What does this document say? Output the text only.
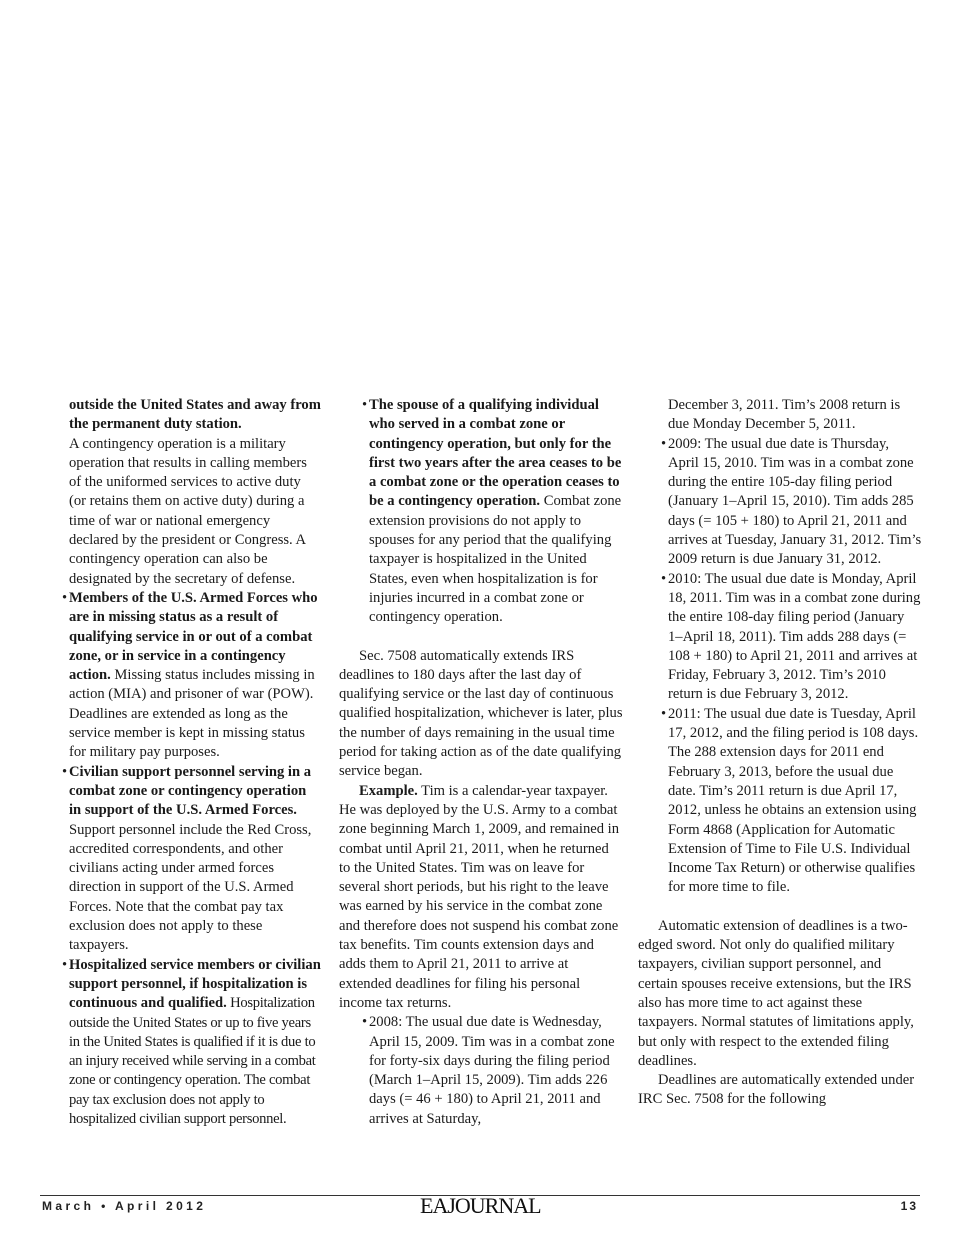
outside the United States and away from the permanent duty station.
A contingency operation is a military operation that results in calling members of the uniformed services to active duty (or retains them on active duty) during a time of war or national emergency declared by the president or Congress. A contingency operation can also be designated by the secretary of defense.

• Members of the U.S. Armed Forces who are in missing status as a result of qualifying service in or out of a combat zone, or in service in a contingency action. Missing status includes missing in action (MIA) and prisoner of war (POW). Deadlines are extended as long as the service member is kept in missing status for military pay purposes.

• Civilian support personnel serving in a combat zone or contingency operation in support of the U.S. Armed Forces. Support personnel include the Red Cross, accredited correspondents, and other civilians acting under armed forces direction in support of the U.S. Armed Forces. Note that the combat pay tax exclusion does not apply to these taxpayers.

• Hospitalized service members or civilian support personnel, if hospitalization is continuous and qualified. Hospitalization outside the United States or up to five years in the United States is qualified if it is due to an injury received while serving in a combat zone or contingency operation. The combat pay tax exclusion does not apply to hospitalized civilian support personnel.

• The spouse of a qualifying individual who served in a combat zone or contingency operation, but only for the first two years after the area ceases to be a combat zone or the operation ceases to be a contingency operation. Combat zone extension provisions do not apply to spouses for any period that the qualifying taxpayer is hospitalized in the United States, even when hospitalization is for injuries incurred in a combat zone or contingency operation.

Sec. 7508 automatically extends IRS deadlines to 180 days after the last day of qualifying service or the last day of continuous qualified hospitalization, whichever is later, plus the number of days remaining in the usual time period for taking action as of the date qualifying service began.

Example. Tim is a calendar-year taxpayer. He was deployed by the U.S. Army to a combat zone beginning March 1, 2009, and remained in combat until April 21, 2011, when he returned to the United States. Tim was on leave for several short periods, but his right to the leave was earned by his service in the combat zone and therefore does not suspend his combat zone tax benefits. Tim counts extension days and adds them to April 21, 2011 to arrive at extended deadlines for filing his personal income tax returns.

• 2008: The usual due date is Wednesday, April 15, 2009. Tim was in a combat zone for forty-six days during the filing period (March 1–April 15, 2009). Tim adds 226 days (= 46 + 180) to April 21, 2011 and arrives at Saturday,

December 3, 2011. Tim’s 2008 return is due Monday December 5, 2011.

• 2009: The usual due date is Thursday, April 15, 2010. Tim was in a combat zone during the entire 105-day filing period (January 1–April 15, 2010). Tim adds 285 days (= 105 + 180) to April 21, 2011 and arrives at Tuesday, January 31, 2012. Tim’s 2009 return is due January 31, 2012.

• 2010: The usual due date is Monday, April 18, 2011. Tim was in a combat zone during the entire 108-day filing period (January 1–April 18, 2011). Tim adds 288 days (= 108 + 180) to April 21, 2011 and arrives at Friday, February 3, 2012. Tim’s 2010 return is due February 3, 2012.

• 2011: The usual due date is Tuesday, April 17, 2012, and the filing period is 108 days. The 288 extension days for 2011 end February 3, 2013, before the usual due date. Tim’s 2011 return is due April 17, 2012, unless he obtains an extension using Form 4868 (Application for Automatic Extension of Time to File U.S. Individual Income Tax Return) or otherwise qualifies for more time to file.

Automatic extension of deadlines is a two-edged sword. Not only do qualified military taxpayers, civilian support personnel, and certain spouses receive extensions, but the IRS also has more time to act against these taxpayers. Normal statutes of limitations apply, but only with respect to the extended filing deadlines.

Deadlines are automatically extended under IRC Sec. 7508 for the following

March • April 2012	EAJOURNAL	13
